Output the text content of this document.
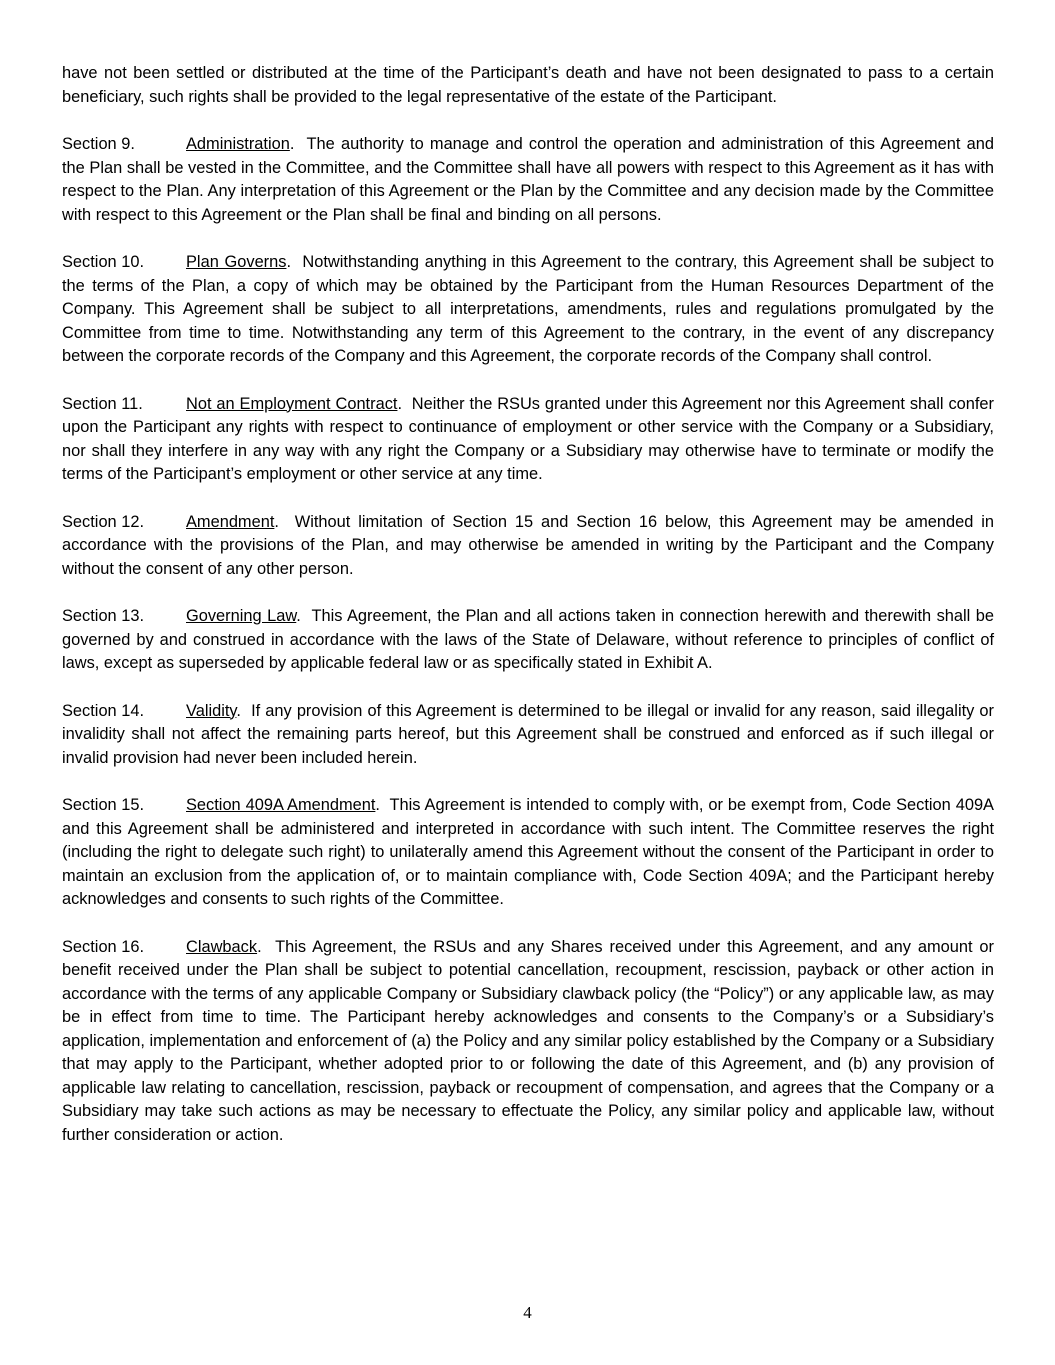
have not been settled or distributed at the time of the Participant’s death and have not been designated to pass to a certain beneficiary, such rights shall be provided to the legal representative of the estate of the Participant.

Section 9.	Administration.  The authority to manage and control the operation and administration of this Agreement and the Plan shall be vested in the Committee, and the Committee shall have all powers with respect to this Agreement as it has with respect to the Plan. Any interpretation of this Agreement or the Plan by the Committee and any decision made by the Committee with respect to this Agreement or the Plan shall be final and binding on all persons.

Section 10.	Plan Governs.  Notwithstanding anything in this Agreement to the contrary, this Agreement shall be subject to the terms of the Plan, a copy of which may be obtained by the Participant from the Human Resources Department of the Company. This Agreement shall be subject to all interpretations, amendments, rules and regulations promulgated by the Committee from time to time. Notwithstanding any term of this Agreement to the contrary, in the event of any discrepancy between the corporate records of the Company and this Agreement, the corporate records of the Company shall control.

Section 11.	Not an Employment Contract.  Neither the RSUs granted under this Agreement nor this Agreement shall confer upon the Participant any rights with respect to continuance of employment or other service with the Company or a Subsidiary, nor shall they interfere in any way with any right the Company or a Subsidiary may otherwise have to terminate or modify the terms of the Participant’s employment or other service at any time.

Section 12.	Amendment.  Without limitation of Section 15 and Section 16 below, this Agreement may be amended in accordance with the provisions of the Plan, and may otherwise be amended in writing by the Participant and the Company without the consent of any other person.

Section 13.	Governing Law.  This Agreement, the Plan and all actions taken in connection herewith and therewith shall be governed by and construed in accordance with the laws of the State of Delaware, without reference to principles of conflict of laws, except as superseded by applicable federal law or as specifically stated in Exhibit A.

Section 14.	Validity.  If any provision of this Agreement is determined to be illegal or invalid for any reason, said illegality or invalidity shall not affect the remaining parts hereof, but this Agreement shall be construed and enforced as if such illegal or invalid provision had never been included herein.

Section 15.	Section 409A Amendment.  This Agreement is intended to comply with, or be exempt from, Code Section 409A and this Agreement shall be administered and interpreted in accordance with such intent. The Committee reserves the right (including the right to delegate such right) to unilaterally amend this Agreement without the consent of the Participant in order to maintain an exclusion from the application of, or to maintain compliance with, Code Section 409A; and the Participant hereby acknowledges and consents to such rights of the Committee.

Section 16.	Clawback.  This Agreement, the RSUs and any Shares received under this Agreement, and any amount or benefit received under the Plan shall be subject to potential cancellation, recoupment, rescission, payback or other action in accordance with the terms of any applicable Company or Subsidiary clawback policy (the “Policy”) or any applicable law, as may be in effect from time to time. The Participant hereby acknowledges and consents to the Company’s or a Subsidiary’s application, implementation and enforcement of (a) the Policy and any similar policy established by the Company or a Subsidiary that may apply to the Participant, whether adopted prior to or following the date of this Agreement, and (b) any provision of applicable law relating to cancellation, rescission, payback or recoupment of compensation, and agrees that the Company or a Subsidiary may take such actions as may be necessary to effectuate the Policy, any similar policy and applicable law, without further consideration or action.

4
